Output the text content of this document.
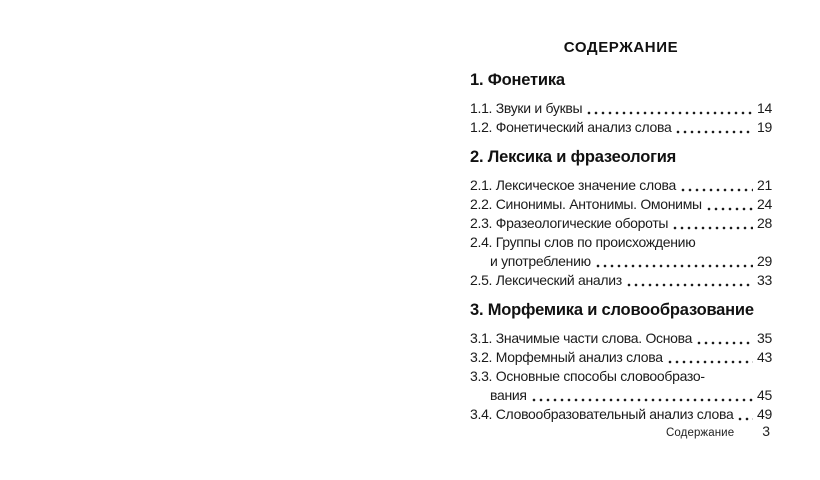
СОДЕРЖАНИЕ
1. Фонетика
1.1. Звуки и буквы	14
1.2. Фонетический анализ слова	19
2. Лексика и фразеология
2.1. Лексическое значение слова	21
2.2. Синонимы. Антонимы. Омонимы	24
2.3. Фразеологические обороты	28
2.4. Группы слов по происхождению
и употреблению	29
2.5. Лексический анализ	33
3. Морфемика и словообразование
3.1. Значимые части слова. Основа	35
3.2. Морфемный анализ слова	43
3.3. Основные способы словообразо-
вания	45
3.4. Словообразовательный анализ слова 49
Содержание 3
